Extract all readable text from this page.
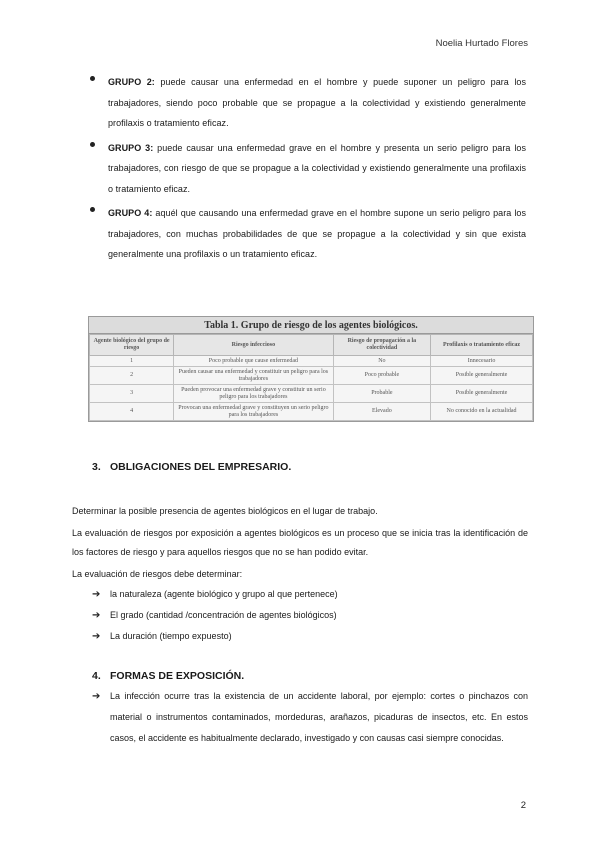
Noelia Hurtado Flores
GRUPO 2: puede causar una enfermedad en el hombre y puede suponer un peligro para los trabajadores, siendo poco probable que se propague a la colectividad y existiendo generalmente profilaxis o tratamiento eficaz.
GRUPO 3: puede causar una enfermedad grave en el hombre y presenta un serio peligro para los trabajadores, con riesgo de que se propague a la colectividad y existiendo generalmente una profilaxis o tratamiento eficaz.
GRUPO 4: aquél que causando una enfermedad grave en el hombre supone un serio peligro para los trabajadores, con muchas probabilidades de que se propague a la colectividad y sin que exista generalmente una profilaxis o un tratamiento eficaz.
Tabla 1. Grupo de riesgo de los agentes biológicos.
Agente biológico del grupo de riesgo	Riesgo infeccioso	Riesgo de propagación a la colectividad	Profilaxis o tratamiento eficaz
1	Poco probable que cause enfermedad	No	Innecesario
2	Pueden causar una enfermedad y constituir un peligro para los trabajadores	Poco probable	Posible generalmente
3	Pueden provocar una enfermedad grave y constituir un serio peligro para los trabajadores	Probable	Posible generalmente
4	Provocan una enfermedad grave y constituyen un serio peligro para los trabajadores	Elevado	No conocido en la actualidad
3. OBLIGACIONES DEL EMPRESARIO.
Determinar la posible presencia de agentes biológicos en el lugar de trabajo.
La evaluación de riesgos por exposición a agentes biológicos es un proceso que se inicia tras la identificación de los factores de riesgo y para aquellos riesgos que no se han podido evitar.
La evaluación de riesgos debe determinar:
➔ la naturaleza (agente biológico y grupo al que pertenece)
➔ El grado (cantidad /concentración de agentes biológicos)
➔ La duración (tiempo expuesto)
4. FORMAS DE EXPOSICIÓN.
➔ La infección ocurre tras la existencia de un accidente laboral, por ejemplo: cortes o pinchazos con material o instrumentos contaminados, mordeduras, arañazos, picaduras de insectos, etc. En estos casos, el accidente es habitualmente declarado, investigado y con causas casi siempre conocidas.
2
